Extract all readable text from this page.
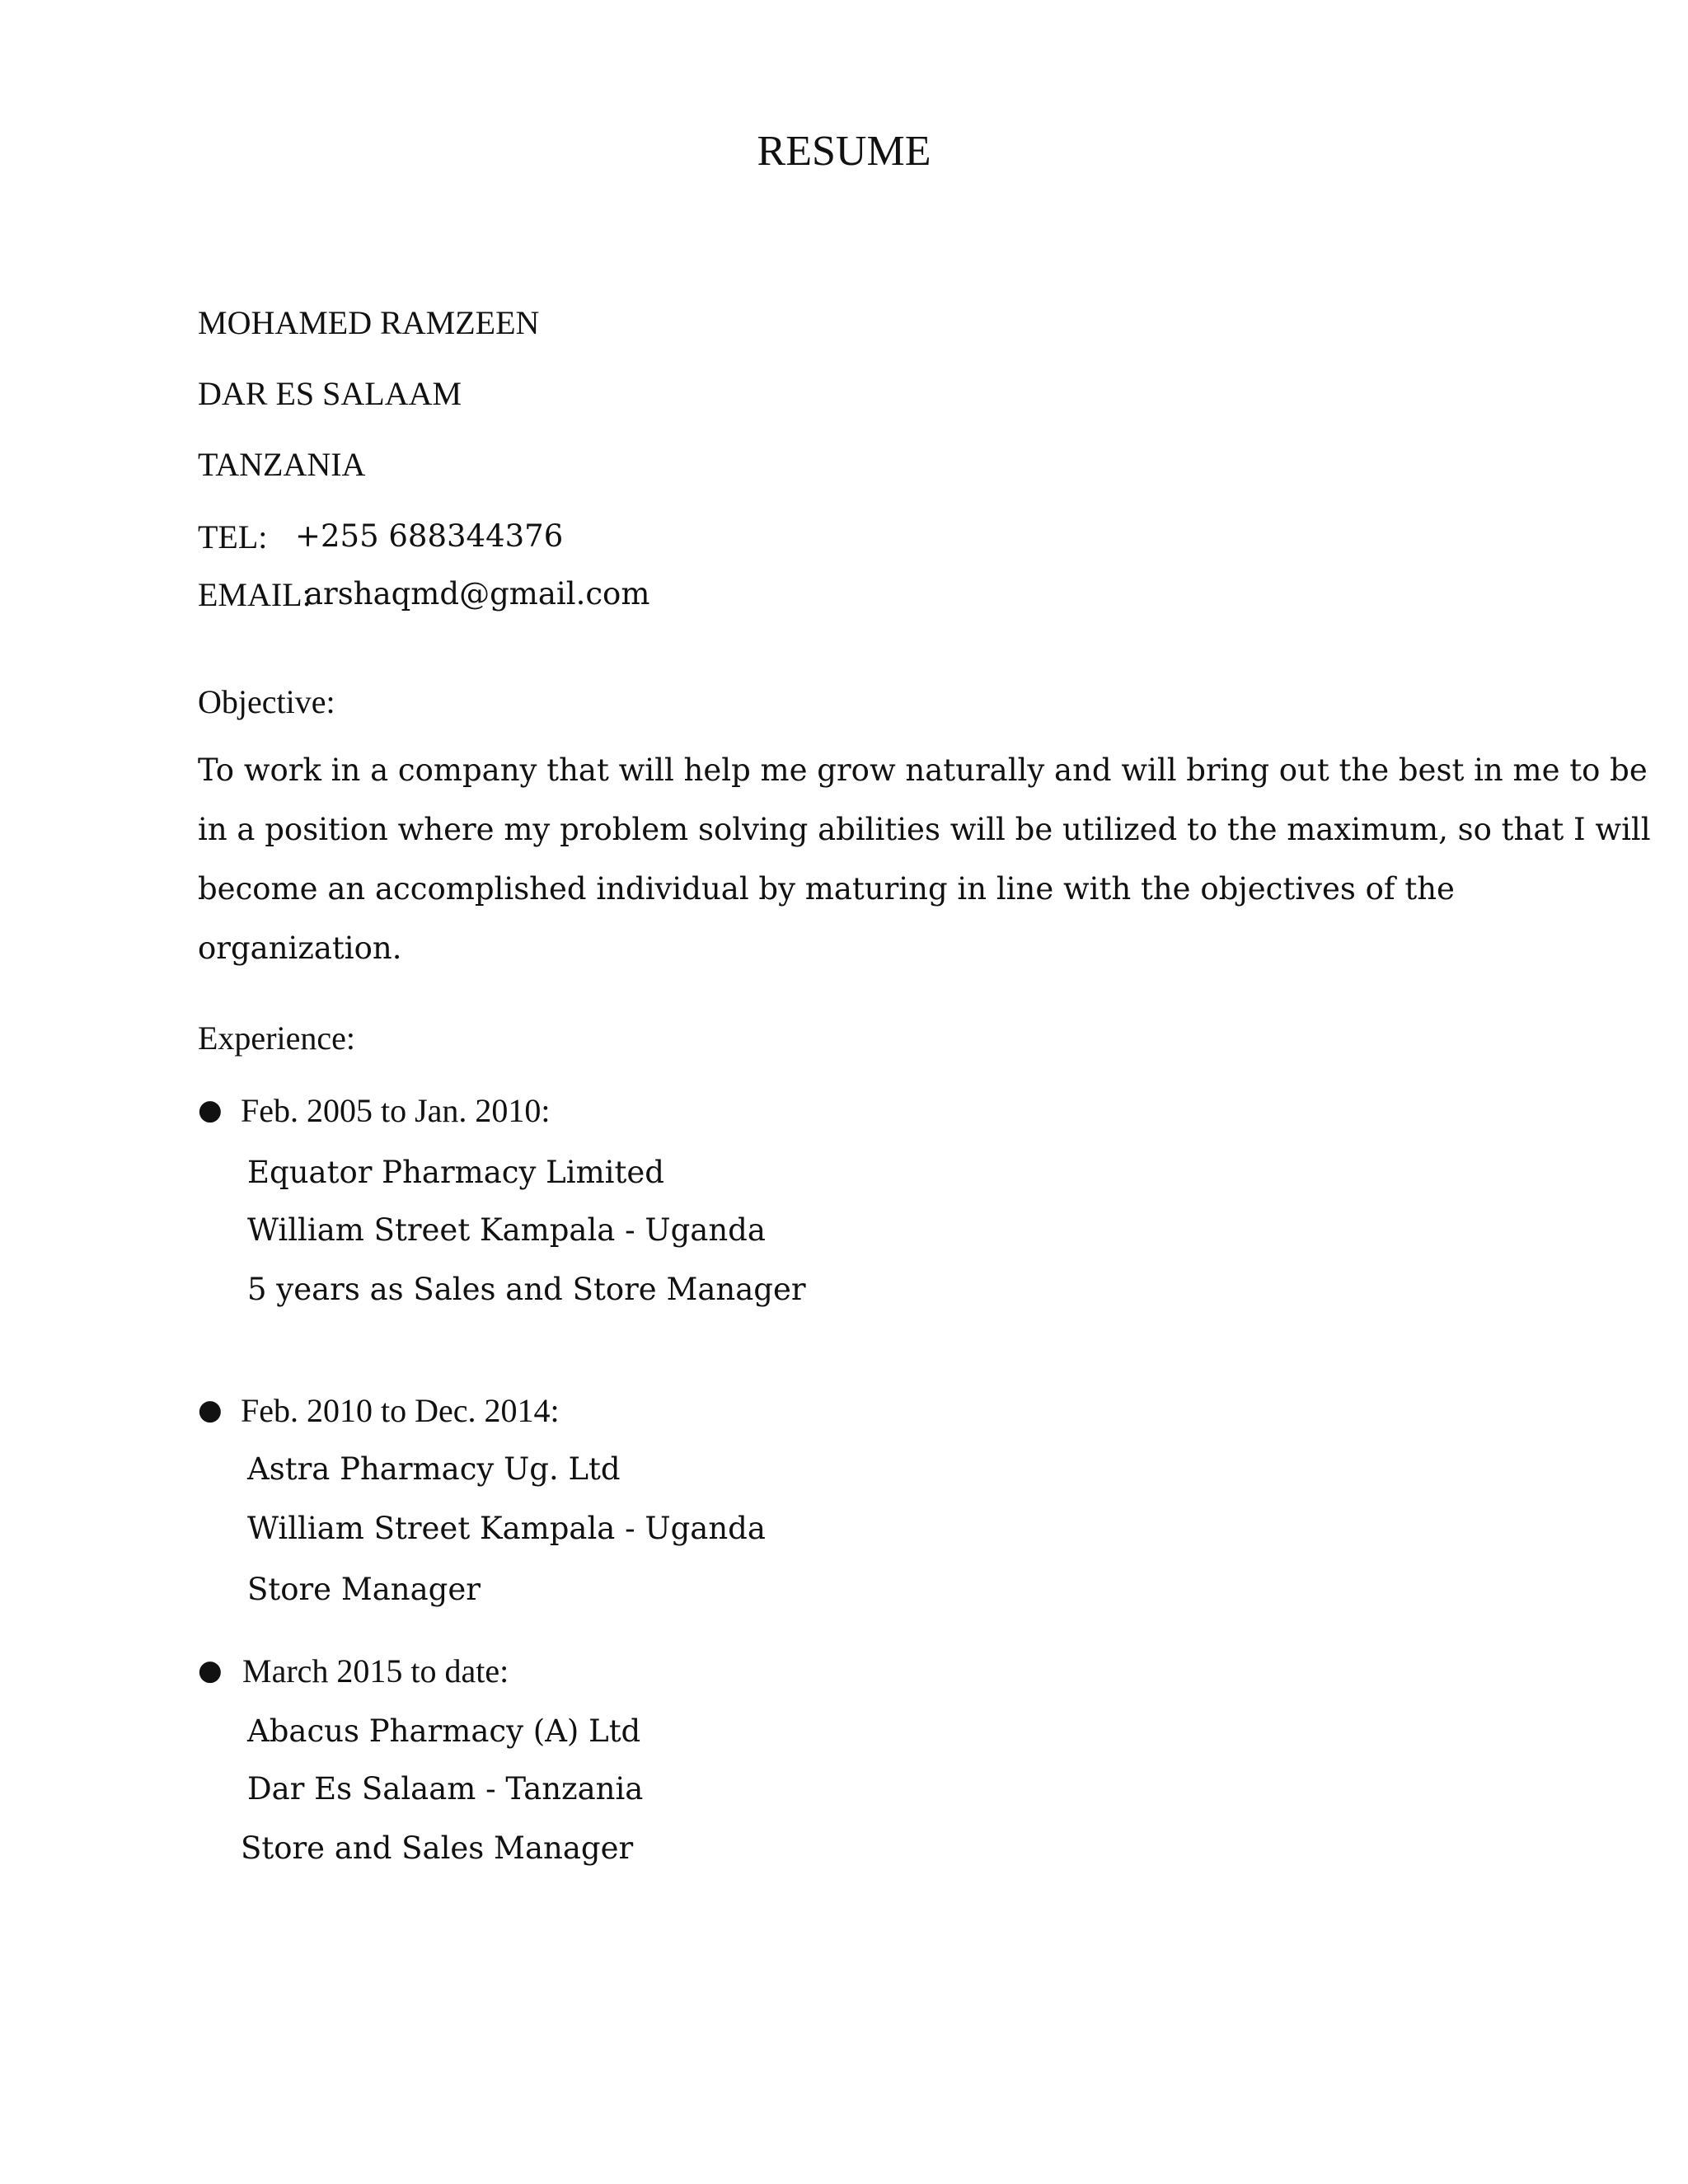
RESUME
MOHAMED RAMZEEN
DAR ES SALAAM
TANZANIA
TEL: +255 688344376
EMAIL:
arshaqmd@gmail.com
Objective:
To work in a company that will help me grow naturally and will bring out the best in me to be
in a position where my problem solving abilities will be utilized to the maximum, so that I will
become an accomplished individual by maturing in line with the objectives of the
organization.
Experience:
● Feb. 2005 to Jan. 2010:
Equator Pharmacy Limited
William Street Kampala - Uganda
5 years as Sales and Store Manager
● Feb. 2010 to Dec. 2014:
Astra Pharmacy Ug. Ltd
William Street Kampala - Uganda
Store Manager
● March 2015 to date:
Abacus Pharmacy (A) Ltd
Dar Es Salaam - Tanzania
Store and Sales Manager
